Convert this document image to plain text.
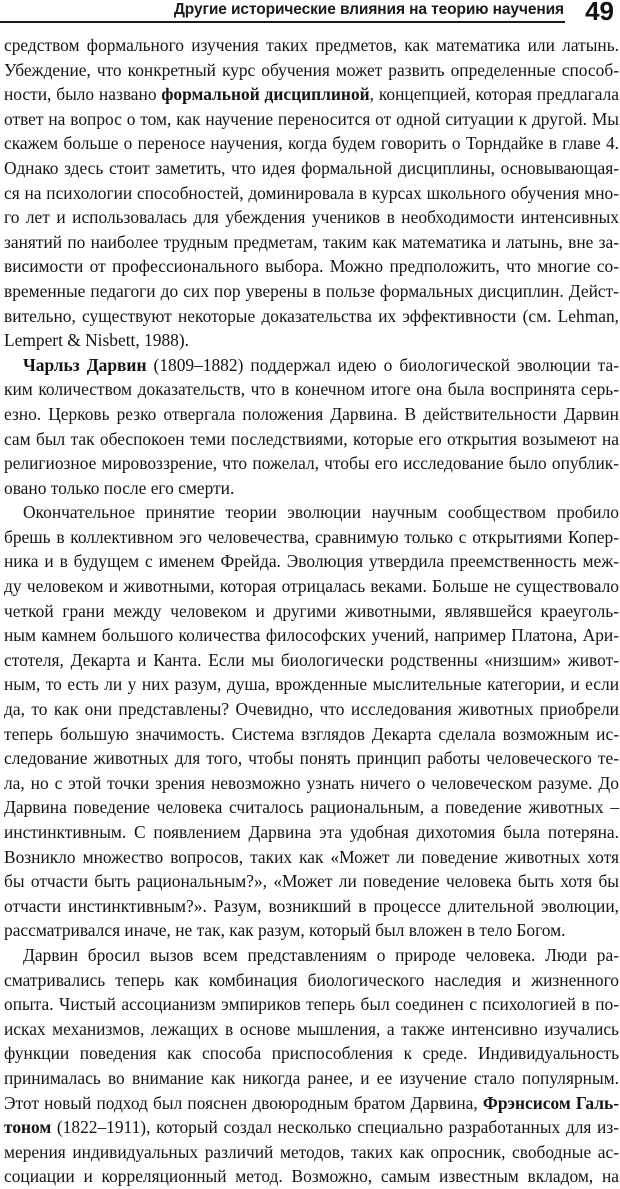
Другие исторические влияния на теорию научения 49
средством формального изучения таких предметов, как математика или латынь.
Убеждение, что конкретный курс обучения может развить определенные способ-
ности, было названо формальной дисциплиной, концепцией, которая предлагала
ответ на вопрос о том, как научение переносится от одной ситуации к другой. Мы
скажем больше о переносе научения, когда будем говорить о Торндайке в главе 4.
Однако здесь стоит заметить, что идея формальной дисциплины, основывающая-
ся на психологии способностей, доминировала в курсах школьного обучения мно-
го лет и использовалась для убеждения учеников в необходимости интенсивных
занятий по наиболее трудным предметам, таким как математика и латынь, вне за-
висимости от профессионального выбора. Можно предположить, что многие со-
временные педагоги до сих пор уверены в пользе формальных дисциплин. Дейст-
вительно, существуют некоторые доказательства их эффективности (см. Lehman,
Lempert & Nisbett, 1988).
Чарльз Дарвин (1809–1882) поддержал идею о биологической эволюции та-
ким количеством доказательств, что в конечном итоге она была воспринята серь-
езно. Церковь резко отвергала положения Дарвина. В действительности Дарвин
сам был так обеспокоен теми последствиями, которые его открытия возымеют на
религиозное мировоззрение, что пожелал, чтобы его исследование было опублик-
овано только после его смерти.
Окончательное принятие теории эволюции научным сообществом пробило
брешь в коллективном эго человечества, сравнимую только с открытиями Копер-
ника и в будущем с именем Фрейда. Эволюция утвердила преемственность меж-
ду человеком и животными, которая отрицалась веками. Больше не существовало
четкой грани между человеком и другими животными, являвшейся краеуголь-
ным камнем большого количества философских учений, например Платона, Ари-
стотеля, Декарта и Канта. Если мы биологически родственны «низшим» живот-
ным, то есть ли у них разум, душа, врожденные мыслительные категории, и если
да, то как они представлены? Очевидно, что исследования животных приобрели
теперь большую значимость. Система взглядов Декарта сделала возможным ис-
следование животных для того, чтобы понять принцип работы человеческого те-
ла, но с этой точки зрения невозможно узнать ничего о человеческом разуме. До
Дарвина поведение человека считалось рациональным, а поведение животных –
инстинктивным. С появлением Дарвина эта удобная дихотомия была потеряна.
Возникло множество вопросов, таких как «Может ли поведение животных хотя
бы отчасти быть рациональным?», «Может ли поведение человека быть хотя бы
отчасти инстинктивным?». Разум, возникший в процессе длительной эволюции,
рассматривался иначе, не так, как разум, который был вложен в тело Богом.
Дарвин бросил вызов всем представлениям о природе человека. Люди ра-
сматривались теперь как комбинация биологического наследия и жизненного
опыта. Чистый ассоцианизм эмпириков теперь был соединен с психологией в по-
исках механизмов, лежащих в основе мышления, а также интенсивно изучались
функции поведения как способа приспособления к среде. Индивидуальность
принималась во внимание как никогда ранее, и ее изучение стало популярным.
Этот новый подход был пояснен двоюродным братом Дарвина, Фрэнсисом Галь-
тоном (1822–1911), который создал несколько специально разработанных для из-
мерения индивидуальных различий методов, таких как опросник, свободные ас-
социации и корреляционный метод. Возможно, самым известным вкладом, на
